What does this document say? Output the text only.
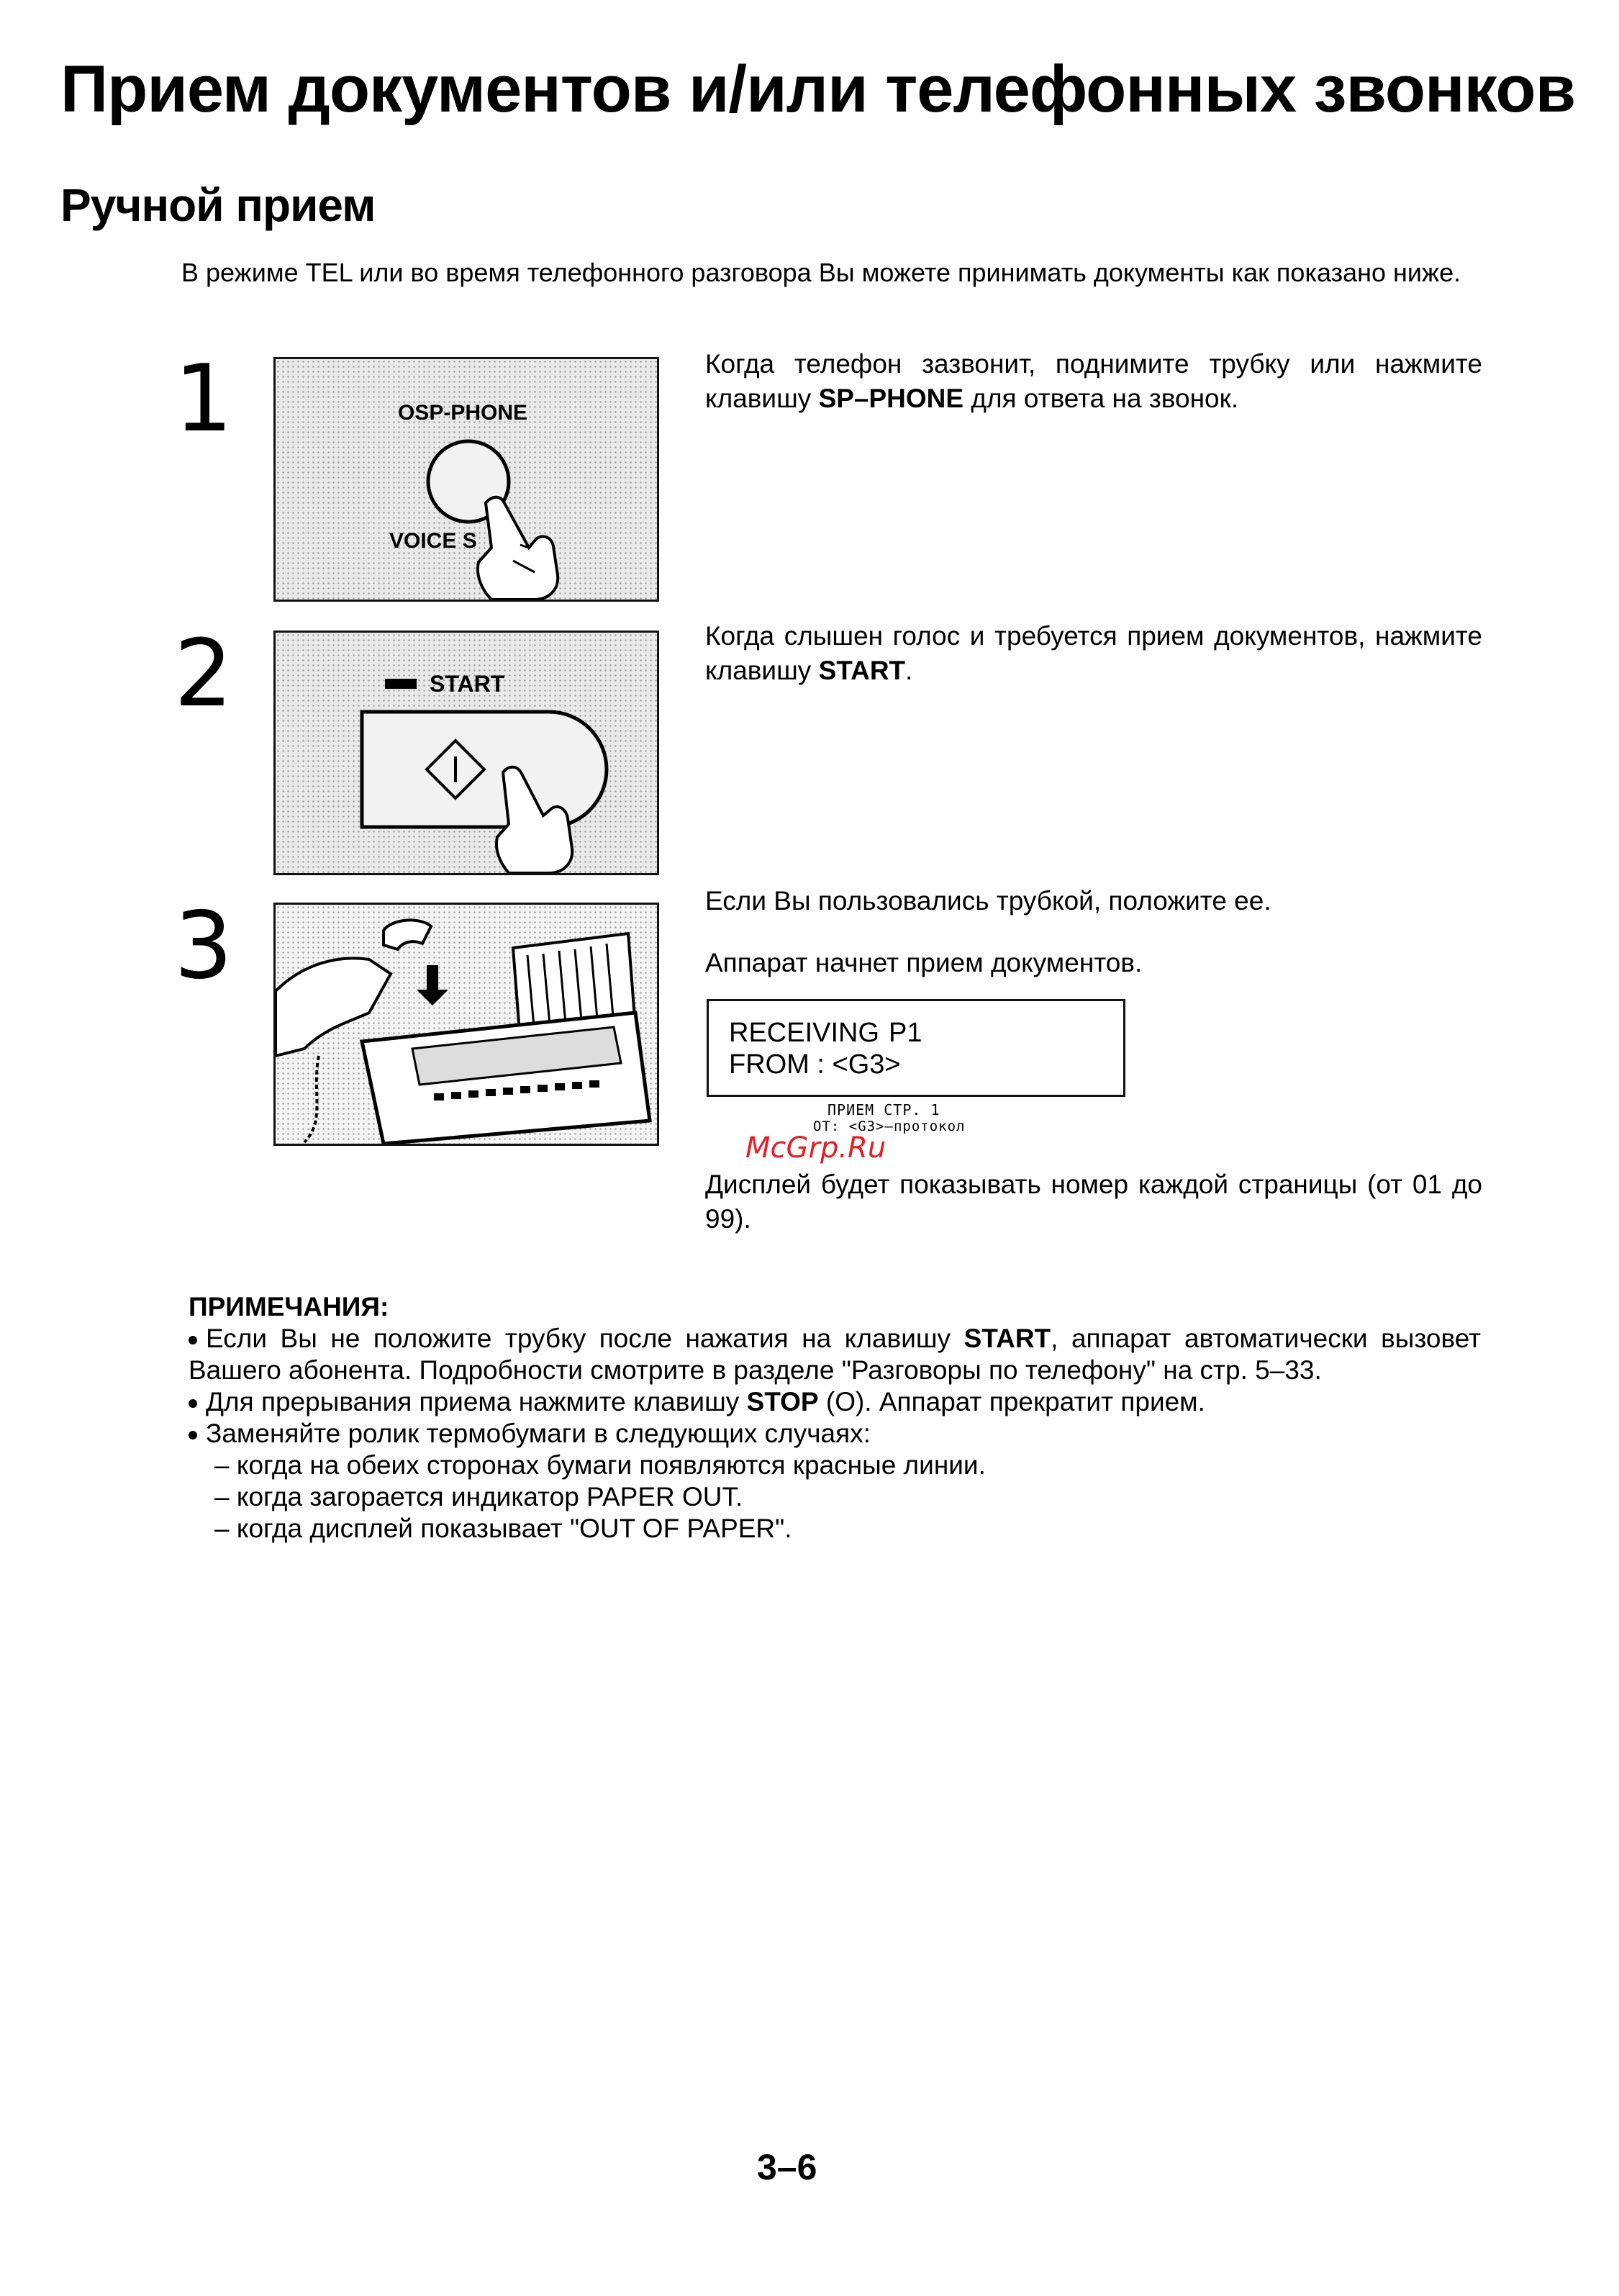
Прием документов и/или телефонных звонков
Ручной прием
В режиме TEL или во время телефонного разговора Вы можете принимать документы как показано ниже.
1	OSP-PHONE
VOICE S
Когда телефон зазвонит, поднимите трубку или нажмите клавишу SP–PHONE для ответа на звонок.
2	START
Когда слышен голос и требуется прием документов, нажмите клавишу START.
3	Если Вы пользовались трубкой, положите ее.
Аппарат начнет прием документов.
RECEIVING P1
FROM : <G3>
ПРИЕМ СТР. 1
ОТ: <G3>–протокол
McGrp.Ru
Дисплей будет показывать номер каждой страницы (от 01 до 99).
ПРИМЕЧАНИЯ:
Если Вы не положите трубку после нажатия на клавишу START, аппарат автоматически вызовет Вашего абонента. Подробности смотрите в разделе "Разговоры по телефону" на стр. 5–33.
Для прерывания приема нажмите клавишу STOP (O). Аппарат прекратит прием.
Заменяйте ролик термобумаги в следующих случаях:
– когда на обеих сторонах бумаги появляются красные линии.
– когда загорается индикатор PAPER OUT.
– когда дисплей показывает "OUT OF PAPER".
3–6
